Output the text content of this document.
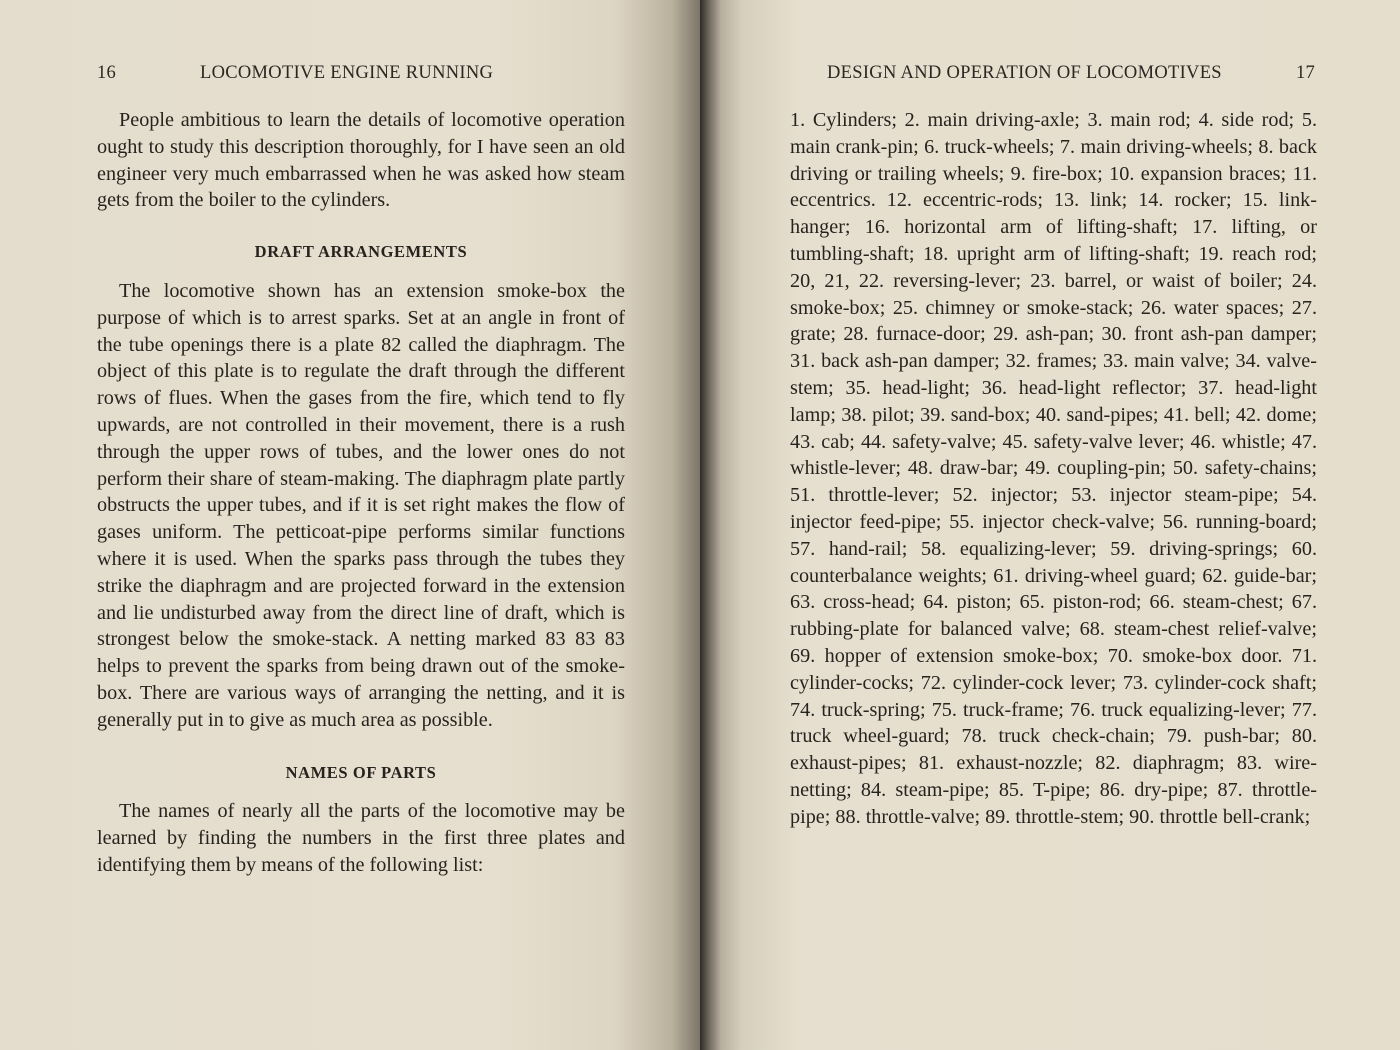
16	LOCOMOTIVE ENGINE RUNNING

People ambitious to learn the details of locomotive operation ought to study this description thoroughly, for I have seen an old engineer very much embarrassed when he was asked how steam gets from the boiler to the cylinders.

DRAFT ARRANGEMENTS

The locomotive shown has an extension smoke-box the purpose of which is to arrest sparks. Set at an angle in front of the tube openings there is a plate 82 called the diaphragm. The object of this plate is to regulate the draft through the different rows of flues. When the gases from the fire, which tend to fly upwards, are not controlled in their movement, there is a rush through the upper rows of tubes, and the lower ones do not perform their share of steam-making. The diaphragm plate partly obstructs the upper tubes, and if it is set right makes the flow of gases uniform. The petticoat-pipe performs similar functions where it is used. When the sparks pass through the tubes they strike the diaphragm and are projected forward in the extension and lie undisturbed away from the direct line of draft, which is strongest below the smoke-stack. A netting marked 83 83 83 helps to prevent the sparks from being drawn out of the smoke-box. There are various ways of arranging the netting, and it is generally put in to give as much area as possible.

NAMES OF PARTS

The names of nearly all the parts of the locomotive may be learned by finding the numbers in the first three plates and identifying them by means of the following list:

DESIGN AND OPERATION OF LOCOMOTIVES	17

1. Cylinders; 2. main driving-axle; 3. main rod; 4. side rod; 5. main crank-pin; 6. truck-wheels; 7. main driving-wheels; 8. back driving or trailing wheels; 9. fire-box; 10. expansion braces; 11. eccentrics. 12. eccentric-rods; 13. link; 14. rocker; 15. link-hanger; 16. horizontal arm of lifting-shaft; 17. lifting, or tumbling-shaft; 18. upright arm of lifting-shaft; 19. reach rod; 20, 21, 22. reversing-lever; 23. barrel, or waist of boiler; 24. smoke-box; 25. chimney or smoke-stack; 26. water spaces; 27. grate; 28. furnace-door; 29. ash-pan; 30. front ash-pan damper; 31. back ash-pan damper; 32. frames; 33. main valve; 34. valve-stem; 35. head-light; 36. head-light reflector; 37. head-light lamp; 38. pilot; 39. sand-box; 40. sand-pipes; 41. bell; 42. dome; 43. cab; 44. safety-valve; 45. safety-valve lever; 46. whistle; 47. whistle-lever; 48. draw-bar; 49. coupling-pin; 50. safety-chains; 51. throttle-lever; 52. injector; 53. injector steam-pipe; 54. injector feed-pipe; 55. injector check-valve; 56. running-board; 57. hand-rail; 58. equalizing-lever; 59. driving-springs; 60. counterbalance weights; 61. driving-wheel guard; 62. guide-bar; 63. cross-head; 64. piston; 65. piston-rod; 66. steam-chest; 67. rubbing-plate for balanced valve; 68. steam-chest relief-valve; 69. hopper of extension smoke-box; 70. smoke-box door. 71. cylinder-cocks; 72. cylinder-cock lever; 73. cylinder-cock shaft; 74. truck-spring; 75. truck-frame; 76. truck equalizing-lever; 77. truck wheel-guard; 78. truck check-chain; 79. push-bar; 80. exhaust-pipes; 81. exhaust-nozzle; 82. diaphragm; 83. wire-netting; 84. steam-pipe; 85. T-pipe; 86. dry-pipe; 87. throttle-pipe; 88. throttle-valve; 89. throttle-stem; 90. throttle bell-crank;
